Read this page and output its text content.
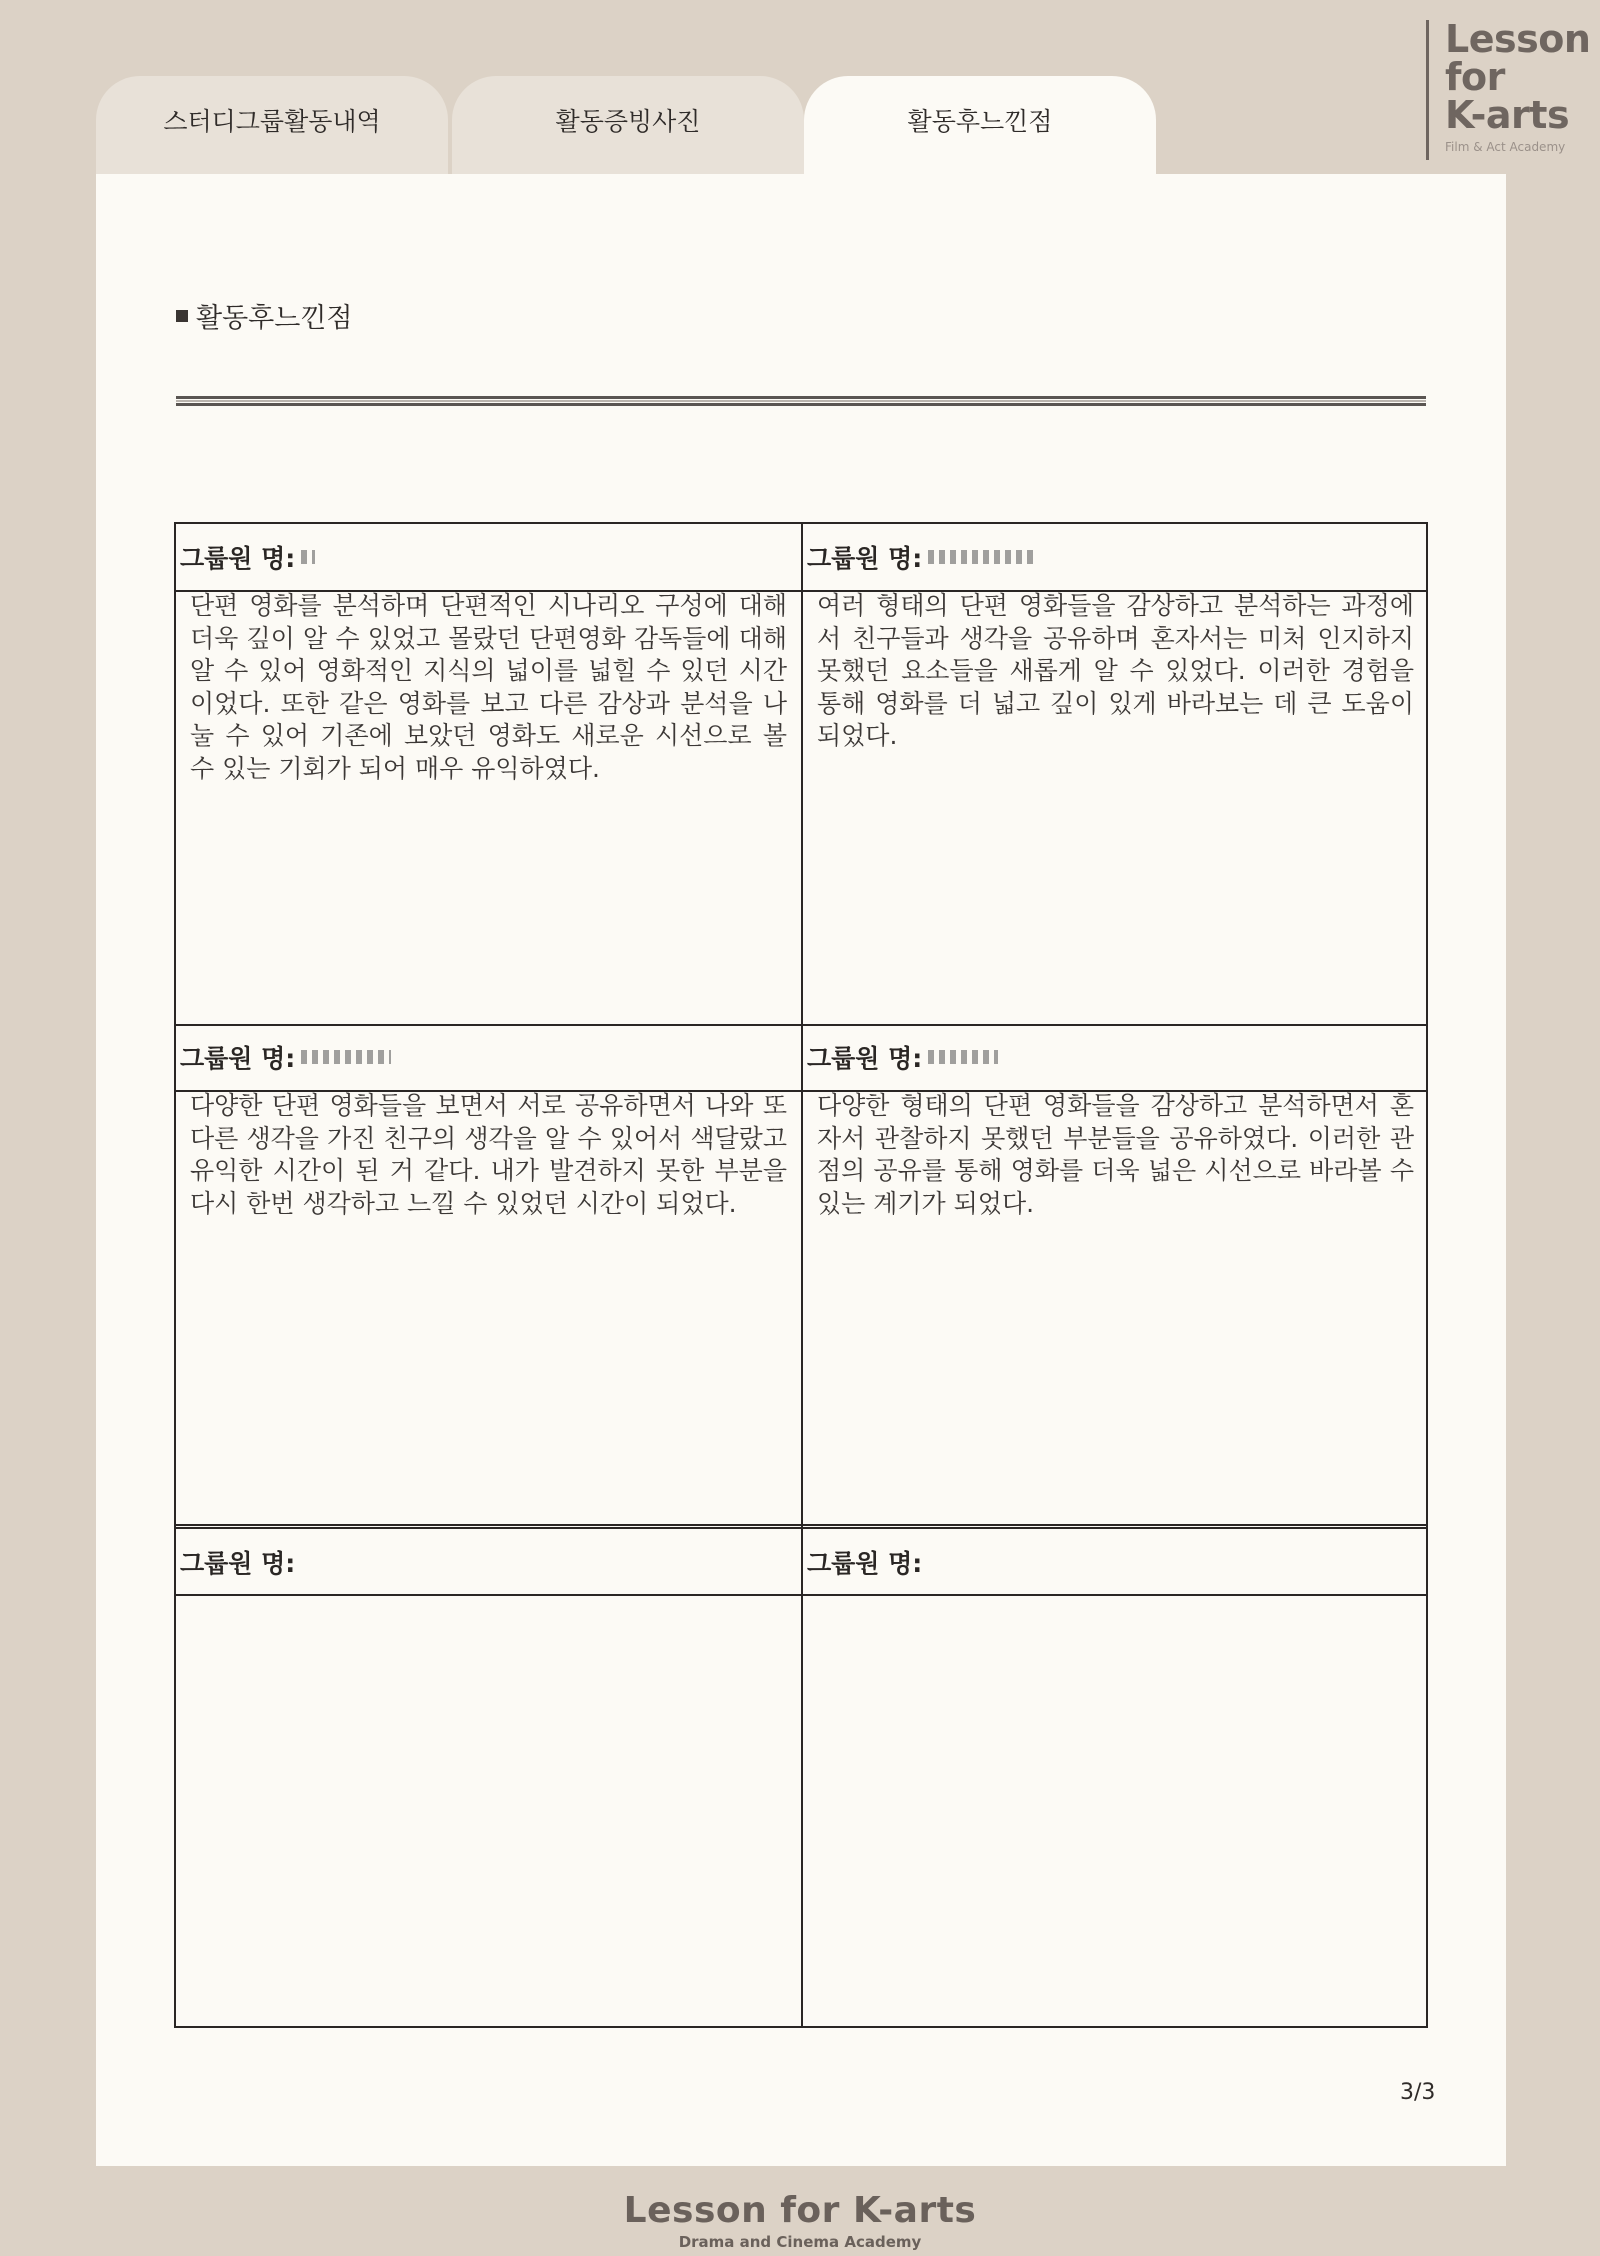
Lesson
for
K-arts
Film & Act Academy
스터디그룹활동내역	활동증빙사진	활동후느낀점
활동후느낀점
그룹원 명:	그룹원 명:
단편 영화를 분석하며 단편적인 시나리오 구성에 대해 더욱 깊이 알 수 있었고 몰랐던 단편영화 감독들에 대해 알 수 있어 영화적인 지식의 넓이를 넓힐 수 있던 시간이었다. 또한 같은 영화를 보고 다른 감상과 분석을 나눌 수 있어 기존에 보았던 영화도 새로운 시선으로 볼 수 있는 기회가 되어 매우 유익하였다.
여러 형태의 단편 영화들을 감상하고 분석하는 과정에서 친구들과 생각을 공유하며 혼자서는 미처 인지하지 못했던 요소들을 새롭게 알 수 있었다. 이러한 경험을 통해 영화를 더 넓고 깊이 있게 바라보는 데 큰 도움이 되었다.
그룹원 명:	그룹원 명:
다양한 단편 영화들을 보면서 서로 공유하면서 나와 또 다른 생각을 가진 친구의 생각을 알 수 있어서 색달랐고 유익한 시간이 된 거 같다. 내가 발견하지 못한 부분을 다시 한번 생각하고 느낄 수 있었던 시간이 되었다.
다양한 형태의 단편 영화들을 감상하고 분석하면서 혼자서 관찰하지 못했던 부분들을 공유하였다. 이러한 관점의 공유를 통해 영화를 더욱 넓은 시선으로 바라볼 수 있는 계기가 되었다.
그룹원 명:	그룹원 명:
3/3
Lesson for K-arts
Drama and Cinema Academy
